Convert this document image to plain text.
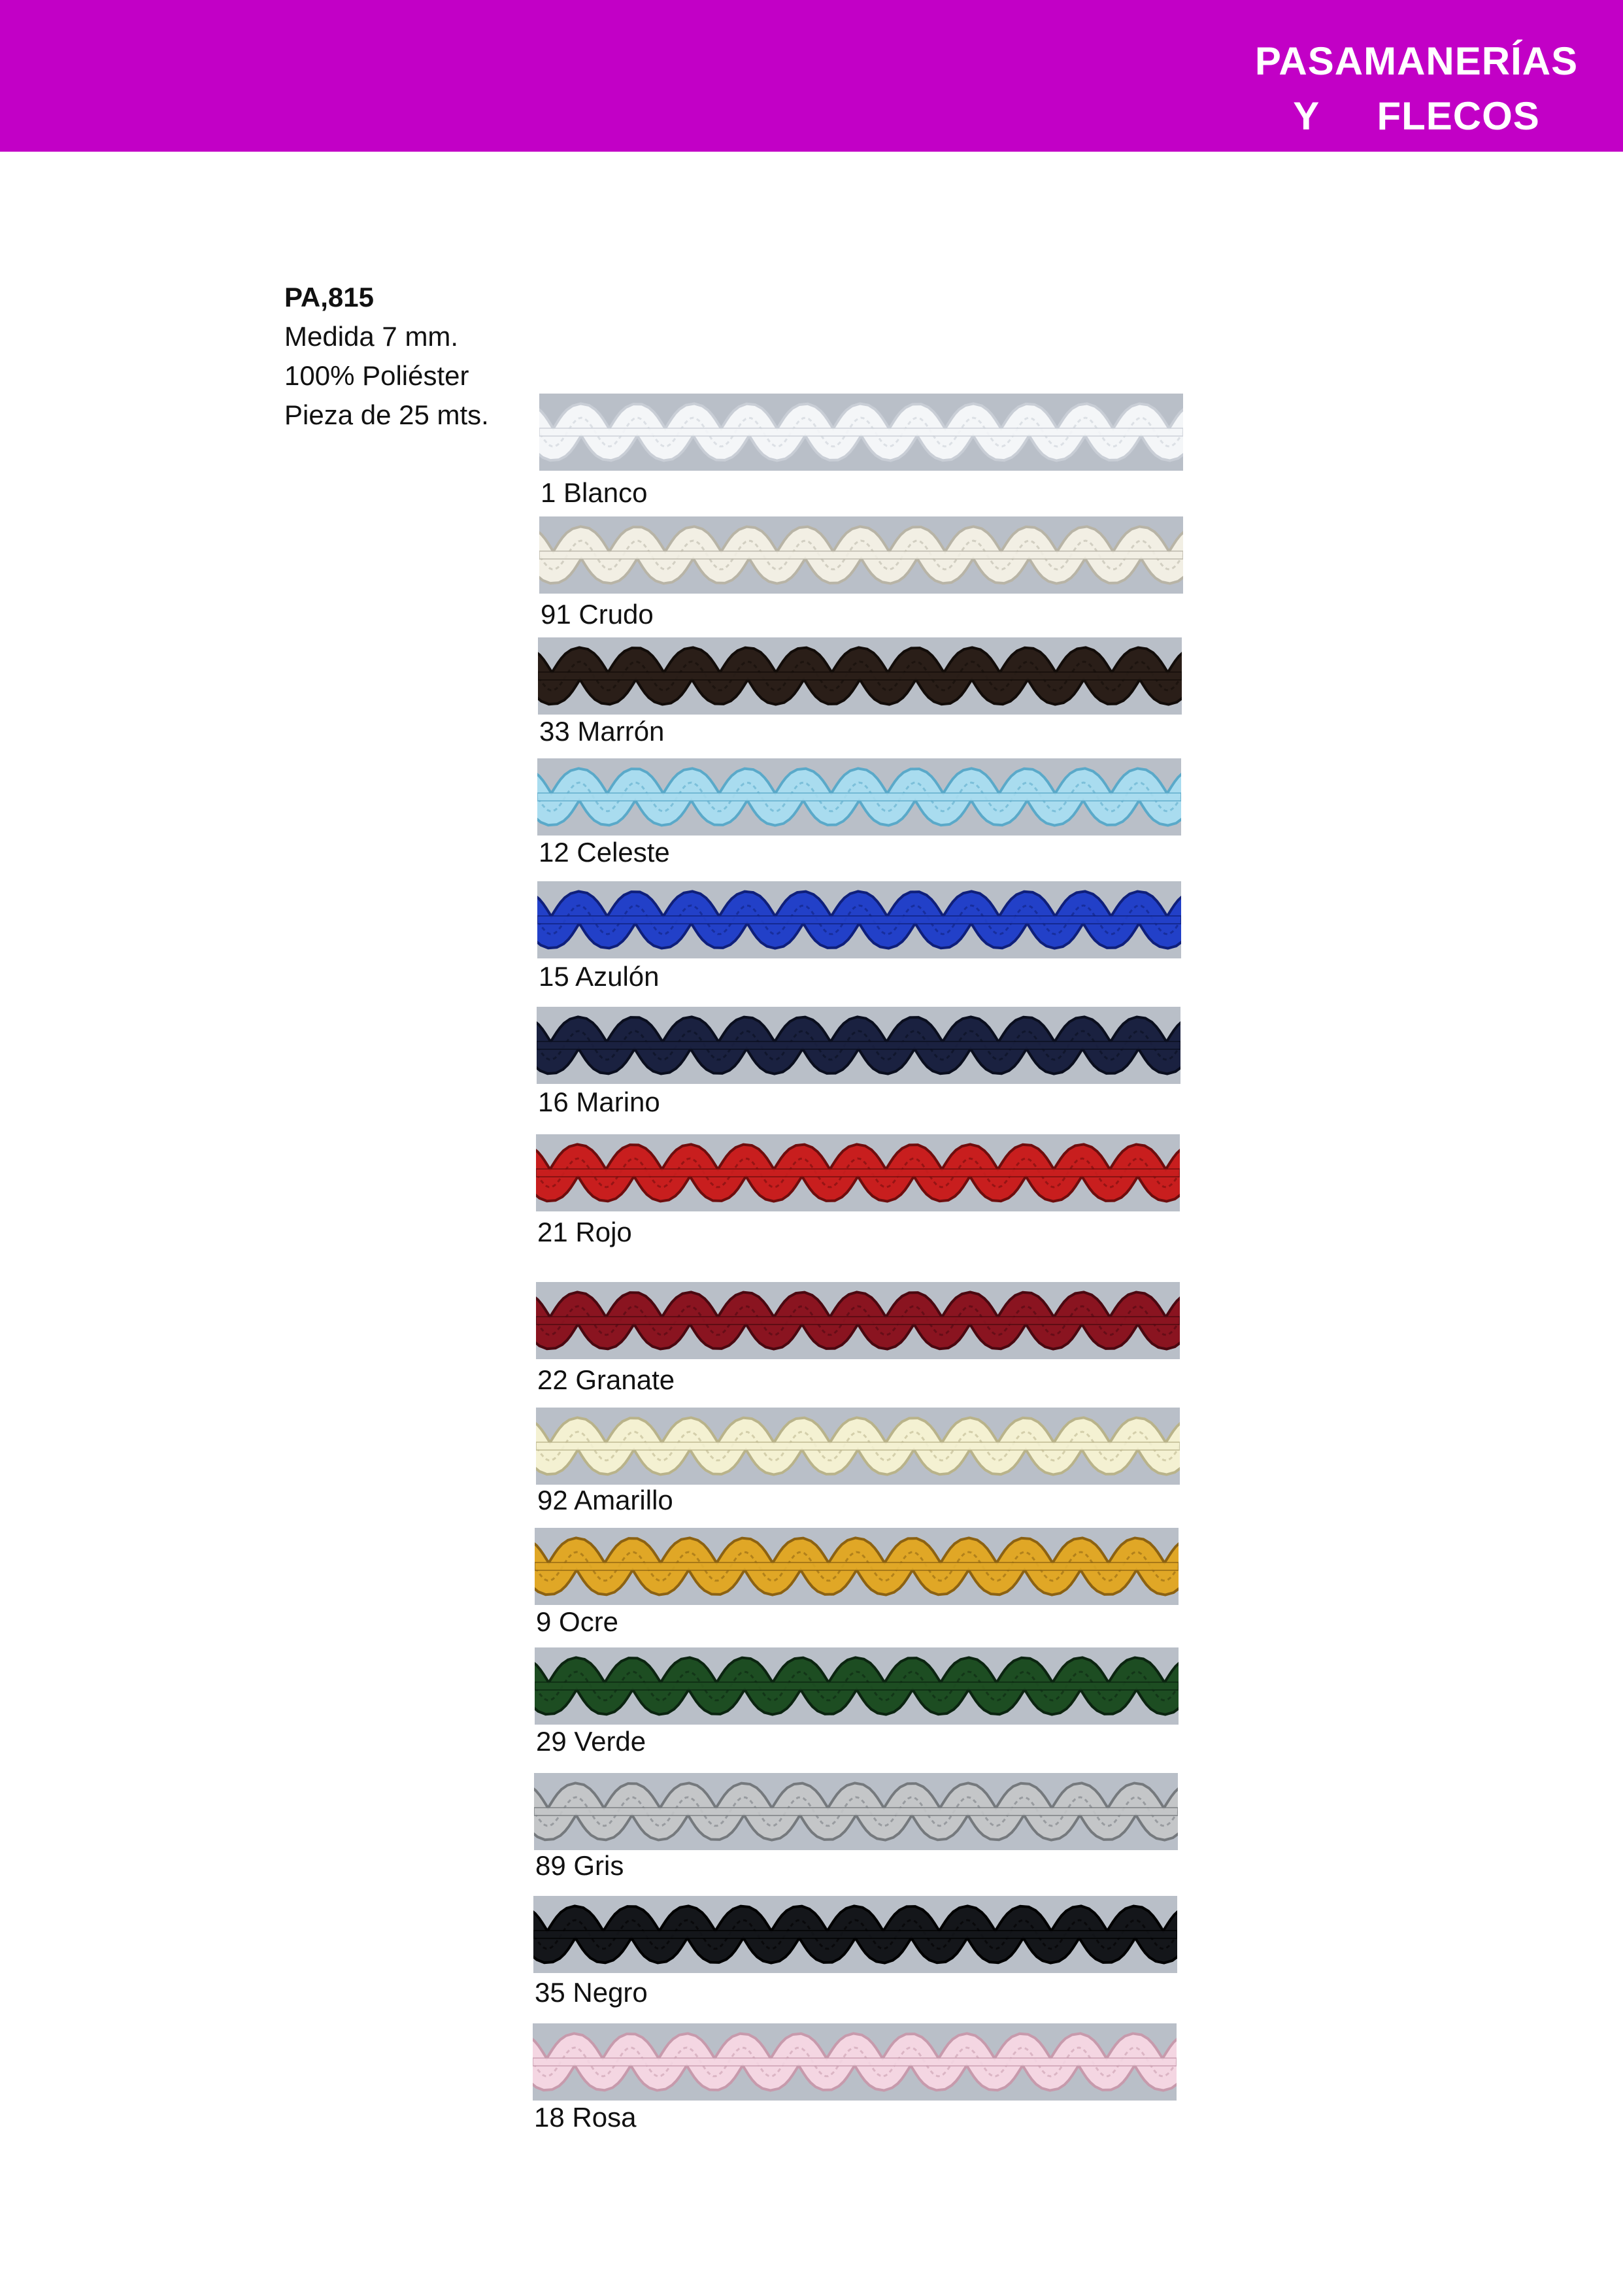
PASAMANERÍAS
Y     FLECOS
PA,815
Medida 7 mm.
100% Poliéster
Pieza de 25 mts.
1 Blanco
91 Crudo
33 Marrón
12 Celeste
15 Azulón
16 Marino
21 Rojo
22 Granate
92 Amarillo
9 Ocre
29 Verde
89 Gris
35 Negro
18 Rosa
